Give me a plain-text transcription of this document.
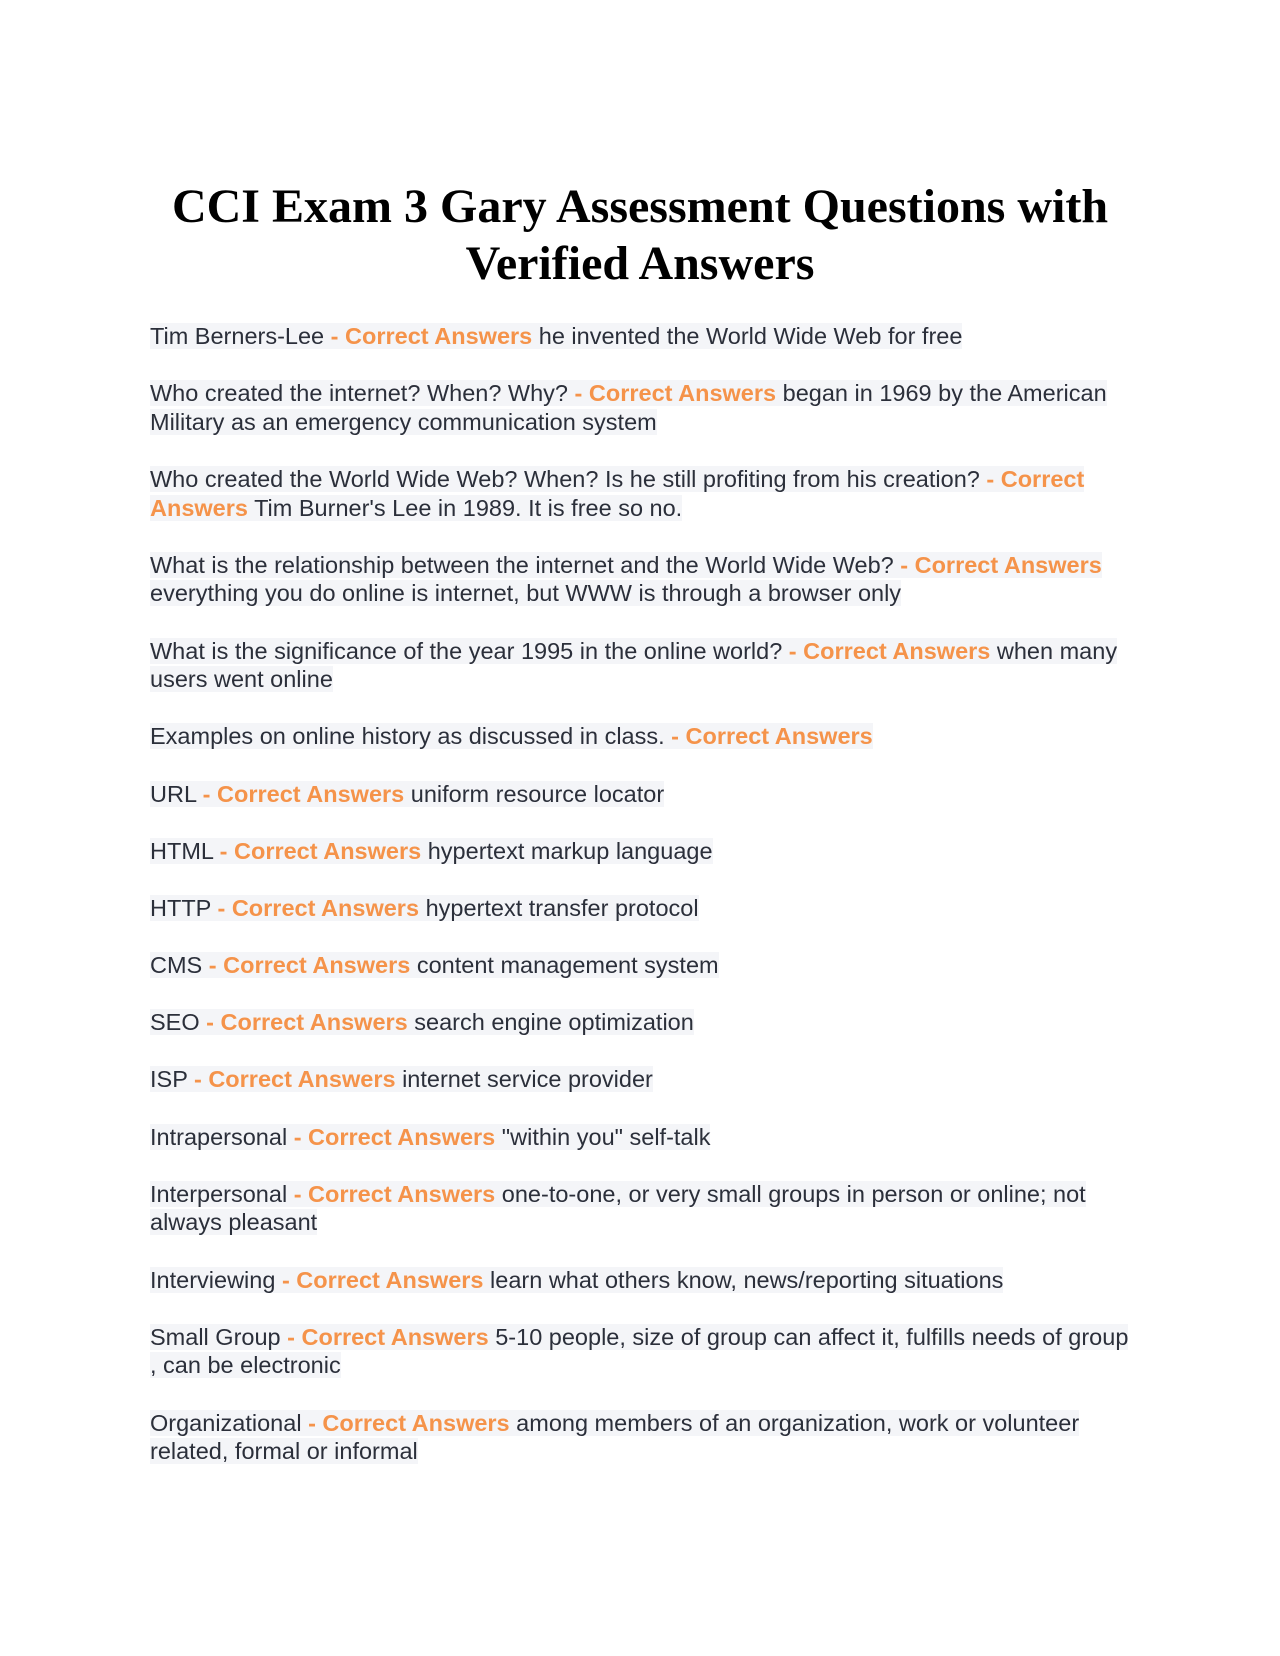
CCI Exam 3 Gary Assessment Questions with Verified Answers

Tim Berners-Lee - Correct Answers he invented the World Wide Web for free

Who created the internet? When? Why? - Correct Answers began in 1969 by the American Military as an emergency communication system

Who created the World Wide Web? When? Is he still profiting from his creation? - Correct Answers Tim Burner's Lee in 1989. It is free so no.

What is the relationship between the internet and the World Wide Web? - Correct Answers everything you do online is internet, but WWW is through a browser only

What is the significance of the year 1995 in the online world? - Correct Answers when many users went online

Examples on online history as discussed in class. - Correct Answers

URL - Correct Answers uniform resource locator

HTML - Correct Answers hypertext markup language

HTTP - Correct Answers hypertext transfer protocol

CMS - Correct Answers content management system

SEO - Correct Answers search engine optimization

ISP - Correct Answers internet service provider

Intrapersonal - Correct Answers "within you" self-talk

Interpersonal - Correct Answers one-to-one, or very small groups in person or online; not always pleasant

Interviewing - Correct Answers learn what others know, news/reporting situations

Small Group - Correct Answers 5-10 people, size of group can affect it, fulfills needs of group , can be electronic

Organizational - Correct Answers among members of an organization, work or volunteer related, formal or informal
